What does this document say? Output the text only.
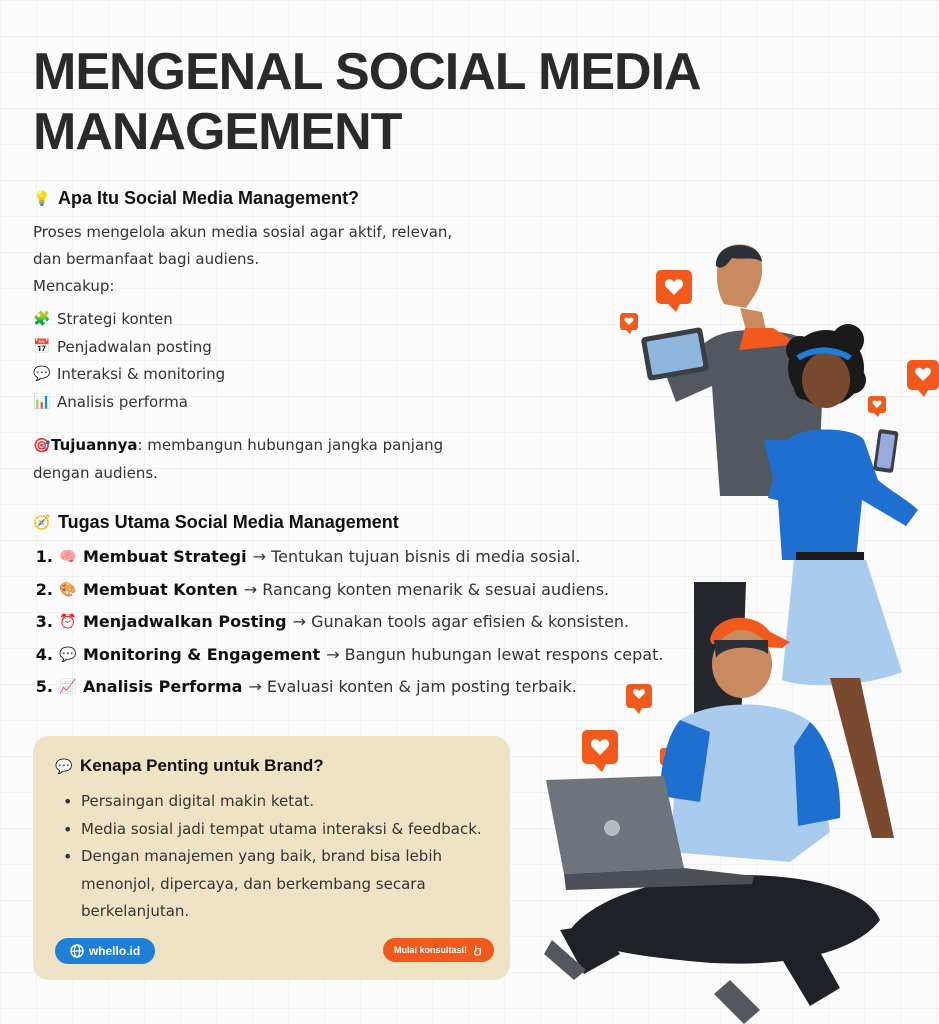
MENGENAL SOCIAL MEDIA MANAGEMENT
💡 Apa Itu Social Media Management?

Proses mengelola akun media sosial agar aktif, relevan,

dan bermanfaat bagi audiens.

Mencakup:

🧩 Strategi konten
📅 Penjadwalan posting
💬 Interaksi & monitoring
📊 Analisis performa

🎯Tujuannya: membangun hubungan jangka panjang dengan audiens.

🧭 Tugas Utama Social Media Management
1. 🧠 Membuat Strategi → Tentukan tujuan bisnis di media sosial.
2. 🎨 Membuat Konten → Rancang konten menarik & sesuai audiens.
3. ⏰ Menjadwalkan Posting → Gunakan tools agar efisien & konsisten.
4. 💬 Monitoring & Engagement → Bangun hubungan lewat respons cepat.
5. 📈 Analisis Performa → Evaluasi konten & jam posting terbaik.
💬 Kenapa Penting untuk Brand?
• Persaingan digital makin ketat.
• Media sosial jadi tempat utama interaksi & feedback.
• Dengan manajemen yang baik, brand bisa lebih menonjol, dipercaya, dan berkembang secara berkelanjutan.
whello.id	Mulai konsultasi!
